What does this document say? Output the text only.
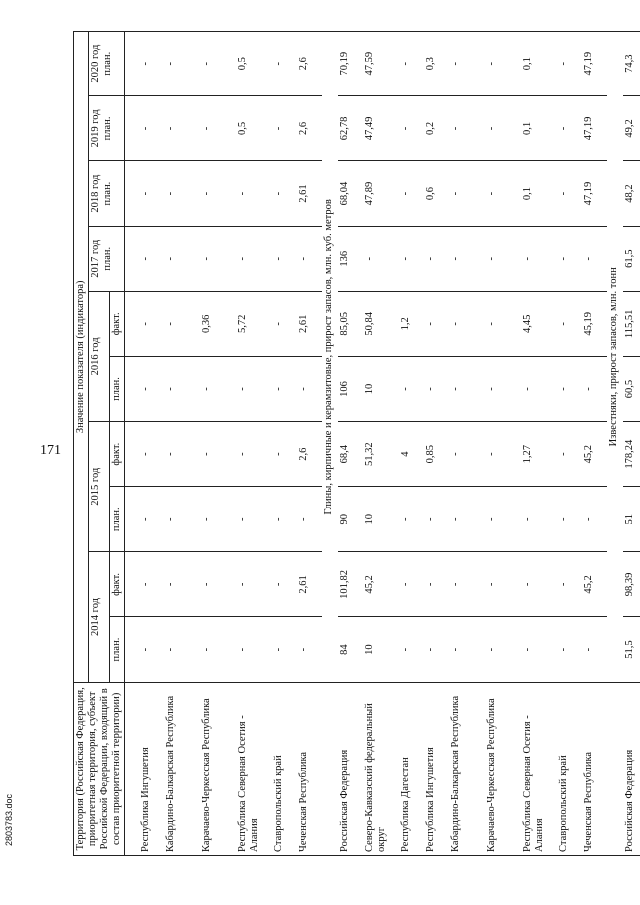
171
2803783.doc	Территория (Российская Федерация, приоритетная территория, субъект Российской Федерации, входящий в состав приоритетной территории)	Значение показателя (индикатора)									
	2014 год		2015 год		2016 год		2017 год план.	2018 год план.	2019 год план.	2020 год план.
	план.	факт.	план.	факт.	план.	факт.				

Республика Ингушетия	-	-	-	-	-	-	-	-	-	-
Кабардино-Балкарская Республика	-	-	-	-	-	-	-	-	-	-
Карачаево-Черкесская Республика	-	-	-	-	-	0,36	-	-	-	-
Республика Северная Осетия - Алания	-	-	-	-	-	5,72	-	-	0,5	0,5
Ставропольский край	-	-	-	-	-	-	-	-	-	-
Чеченская Республика	-	2,61	-	2,6	-	2,61	-	2,61	2,6	2,6
	Глины, кирпичные и керамзитовые, прирост запасов, млн. куб. метров									
Российская Федерация	84	101,82	90	68,4	106	85,05	136	68,04	62,78	70,19
Северо-Кавказский федеральный округ	10	45,2	10	51,32	10	50,84	-	47,89	47,49	47,59
Республика Дагестан	-	-	-	4	-	1,2	-	-	-	-
Республика Ингушетия	-	-	-	0,85	-	-	-	0,6	0,2	0,3
Кабардино-Балкарская Республика	-	-	-	-	-	-	-	-	-	-
Карачаево-Черкесская Республика	-	-	-	-	-	-	-	-	-	-
Республика Северная Осетия - Алания	-	-	-	1,27	-	4,45	-	0,1	0,1	0,1
Ставропольский край	-	-	-	-	-	-	-	-	-	-
Чеченская Республика	-	45,2	-	45,2	-	45,19	-	47,19	47,19	47,19
	Известняки, прирост запасов, млн. тонн									
Российская Федерация	51,5	98,39	51	178,24	60,5	115,51	61,5	48,2	49,2	74,3
